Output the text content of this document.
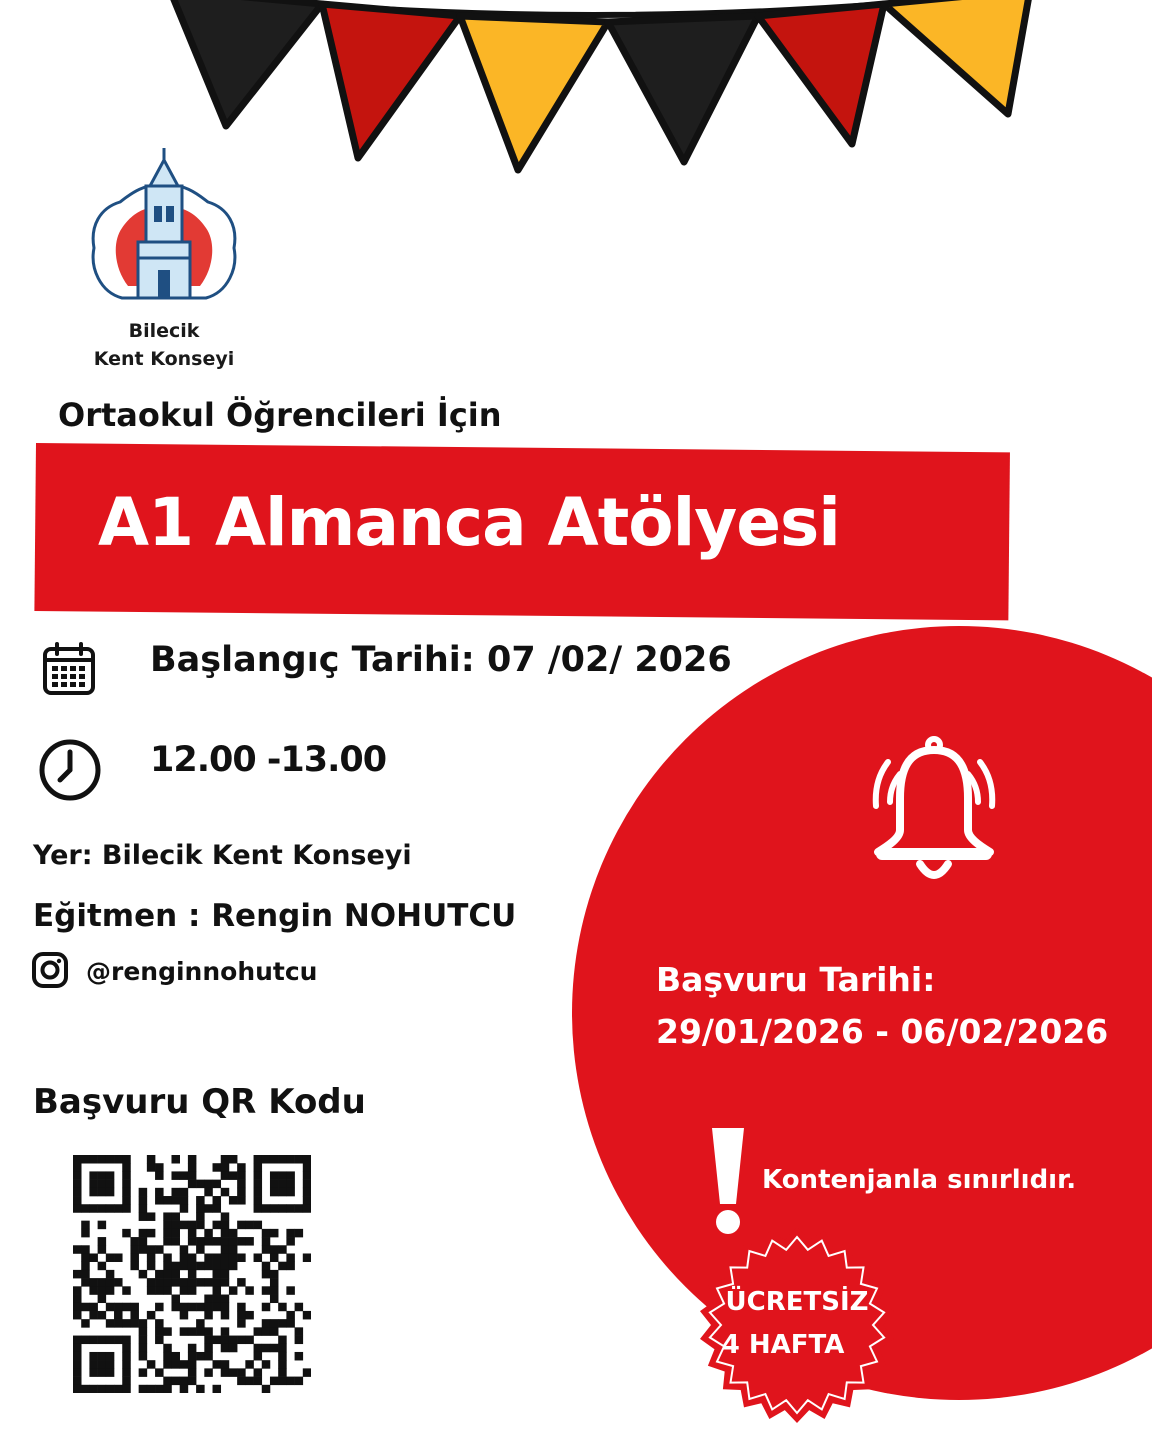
Bilecik
Kent Konseyi
Ortaokul Öğrencileri İçin
A1 Almanca Atölyesi
Başlangıç Tarihi: 07 /02/ 2026
12.00 -13.00
Yer: Bilecik Kent Konseyi
Eğitmen : Rengin NOHUTCU
@renginnohutcu
Başvuru QR Kodu
Başvuru Tarihi:
29/01/2026 - 06/02/2026
Kontenjanla sınırlıdır.
ÜCRETSİZ
4 HAFTA
